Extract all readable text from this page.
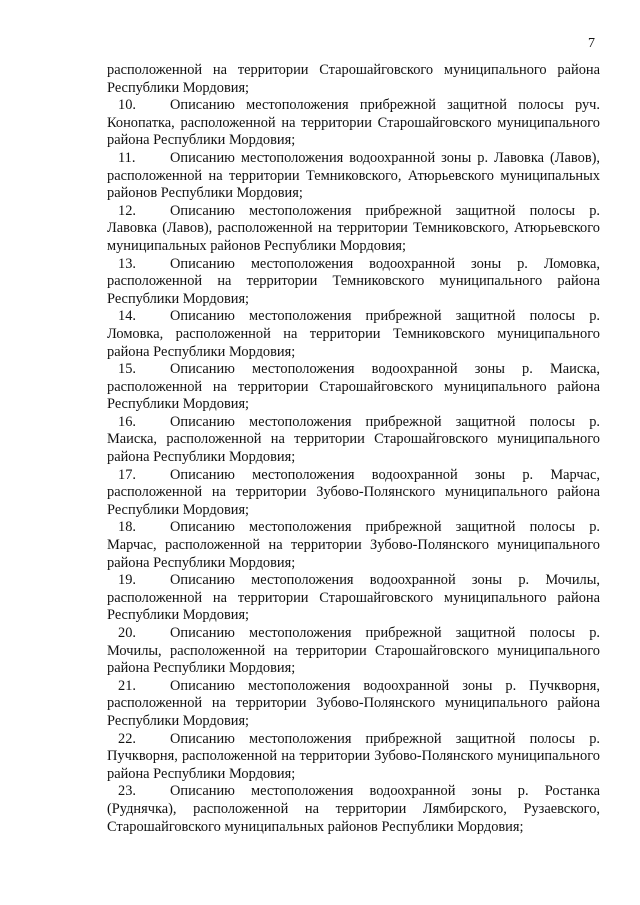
7

расположенной на территории Старошайговского муниципального района Республики Мордовия;

10. Описанию местоположения прибрежной защитной полосы руч. Конопатка, расположенной на территории Старошайговского муниципального района Республики Мордовия;

11. Описанию местоположения водоохранной зоны р. Лавовка (Лавов), расположенной на территории Темниковского, Атюрьевского муниципальных районов Республики Мордовия;

12. Описанию местоположения прибрежной защитной полосы р. Лавовка (Лавов), расположенной на территории Темниковского, Атюрьевского муниципальных районов Республики Мордовия;

13. Описанию местоположения водоохранной зоны р. Ломовка, расположенной на территории Темниковского муниципального района Республики Мордовия;

14. Описанию местоположения прибрежной защитной полосы р. Ломовка, расположенной на территории Темниковского муниципального района Республики Мордовия;

15. Описанию местоположения водоохранной зоны р. Маиска, расположенной на территории Старошайговского муниципального района Республики Мордовия;

16. Описанию местоположения прибрежной защитной полосы р. Маиска, расположенной на территории Старошайговского муниципального района Республики Мордовия;

17. Описанию местоположения водоохранной зоны р. Марчас, расположенной на территории Зубово-Полянского муниципального района Республики Мордовия;

18. Описанию местоположения прибрежной защитной полосы р. Марчас, расположенной на территории Зубово-Полянского муниципального района Республики Мордовия;

19. Описанию местоположения водоохранной зоны р. Мочилы, расположенной на территории Старошайговского муниципального района Республики Мордовия;

20. Описанию местоположения прибрежной защитной полосы р. Мочилы, расположенной на территории Старошайговского муниципального района Республики Мордовия;

21. Описанию местоположения водоохранной зоны р. Пучкворня, расположенной на территории Зубово-Полянского муниципального района Республики Мордовия;

22. Описанию местоположения прибрежной защитной полосы р. Пучкворня, расположенной на территории Зубово-Полянского муниципального района Республики Мордовия;

23. Описанию местоположения водоохранной зоны р. Ростанка (Руднячка), расположенной на территории Лямбирского, Рузаевского, Старошайговского муниципальных районов Республики Мордовия;
